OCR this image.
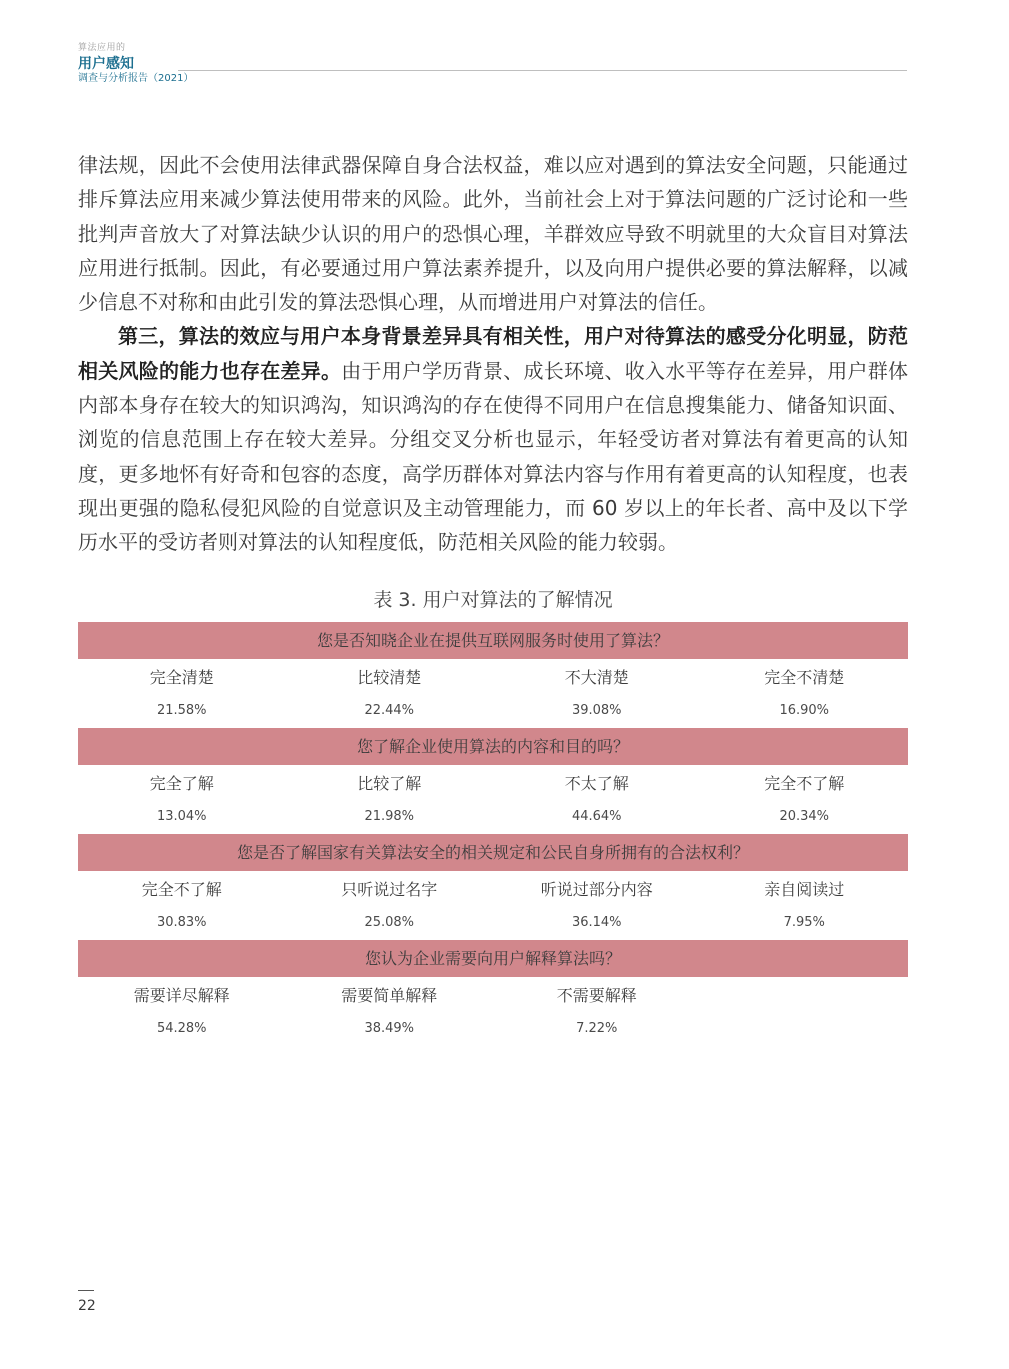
算法应用的
用户感知
调查与分析报告（2021）

律法规，因此不会使用法律武器保障自身合法权益，难以应对遇到的算法安全问题，只能通过排斥算法应用来减少算法使用带来的风险。此外，当前社会上对于算法问题的广泛讨论和一些批判声音放大了对算法缺少认识的用户的恐惧心理，羊群效应导致不明就里的大众盲目对算法应用进行抵制。因此，有必要通过用户算法素养提升，以及向用户提供必要的算法解释，以减少信息不对称和由此引发的算法恐惧心理，从而增进用户对算法的信任。

第三，算法的效应与用户本身背景差异具有相关性，用户对待算法的感受分化明显，防范相关风险的能力也存在差异。由于用户学历背景、成长环境、收入水平等存在差异，用户群体内部本身存在较大的知识鸿沟，知识鸿沟的存在使得不同用户在信息搜集能力、储备知识面、浏览的信息范围上存在较大差异。分组交叉分析也显示，年轻受访者对算法有着更高的认知度，更多地怀有好奇和包容的态度，高学历群体对算法内容与作用有着更高的认知程度，也表现出更强的隐私侵犯风险的自觉意识及主动管理能力，而 60 岁以上的年长者、高中及以下学历水平的受访者则对算法的认知程度低，防范相关风险的能力较弱。

表 3. 用户对算法的了解情况
您是否知晓企业在提供互联网服务时使用了算法？
完全清楚	比较清楚	不大清楚	完全不清楚
21.58%	22.44%	39.08%	16.90%
您了解企业使用算法的内容和目的吗？
完全了解	比较了解	不太了解	完全不了解
13.04%	21.98%	44.64%	20.34%
您是否了解国家有关算法安全的相关规定和公民自身所拥有的合法权利？
完全不了解	只听说过名字	听说过部分内容	亲自阅读过
30.83%	25.08%	36.14%	7.95%
您认为企业需要向用户解释算法吗？
需要详尽解释	需要简单解释	不需要解释
54.28%	38.49%	7.22%
22
